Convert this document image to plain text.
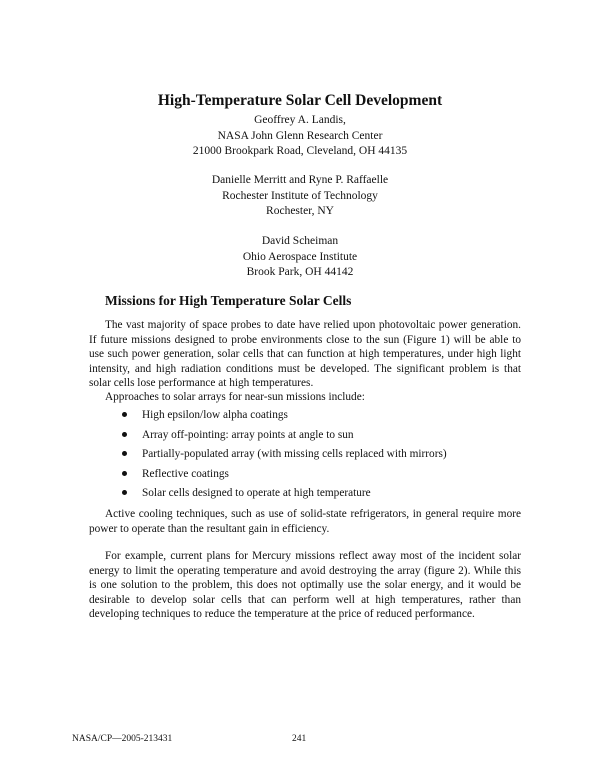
High-Temperature Solar Cell Development
Geoffrey A. Landis,
NASA John Glenn Research Center
21000 Brookpark Road, Cleveland, OH 44135
Danielle Merritt and Ryne P. Raffaelle
Rochester Institute of Technology
Rochester, NY
David Scheiman
Ohio Aerospace Institute
Brook Park, OH 44142
Missions for High Temperature Solar Cells

The vast majority of space probes to date have relied upon photovoltaic power generation. If future missions designed to probe environments close to the sun (Figure 1) will be able to use such power generation, solar cells that can function at high temperatures, under high light intensity, and high radiation conditions must be developed. The significant problem is that solar cells lose performance at high temperatures.

Approaches to solar arrays for near-sun missions include:

High epsilon/low alpha coatings
Array off-pointing: array points at angle to sun
Partially-populated array (with missing cells replaced with mirrors)
Reflective coatings
Solar cells designed to operate at high temperature

Active cooling techniques, such as use of solid-state refrigerators, in general require more power to operate than the resultant gain in efficiency.

For example, current plans for Mercury missions reflect away most of the incident solar energy to limit the operating temperature and avoid destroying the array (figure 2). While this is one solution to the problem, this does not optimally use the solar energy, and it would be desirable to develop solar cells that can perform well at high temperatures, rather than developing techniques to reduce the temperature at the price of reduced performance.

NASA/CP—2005-213431	241
